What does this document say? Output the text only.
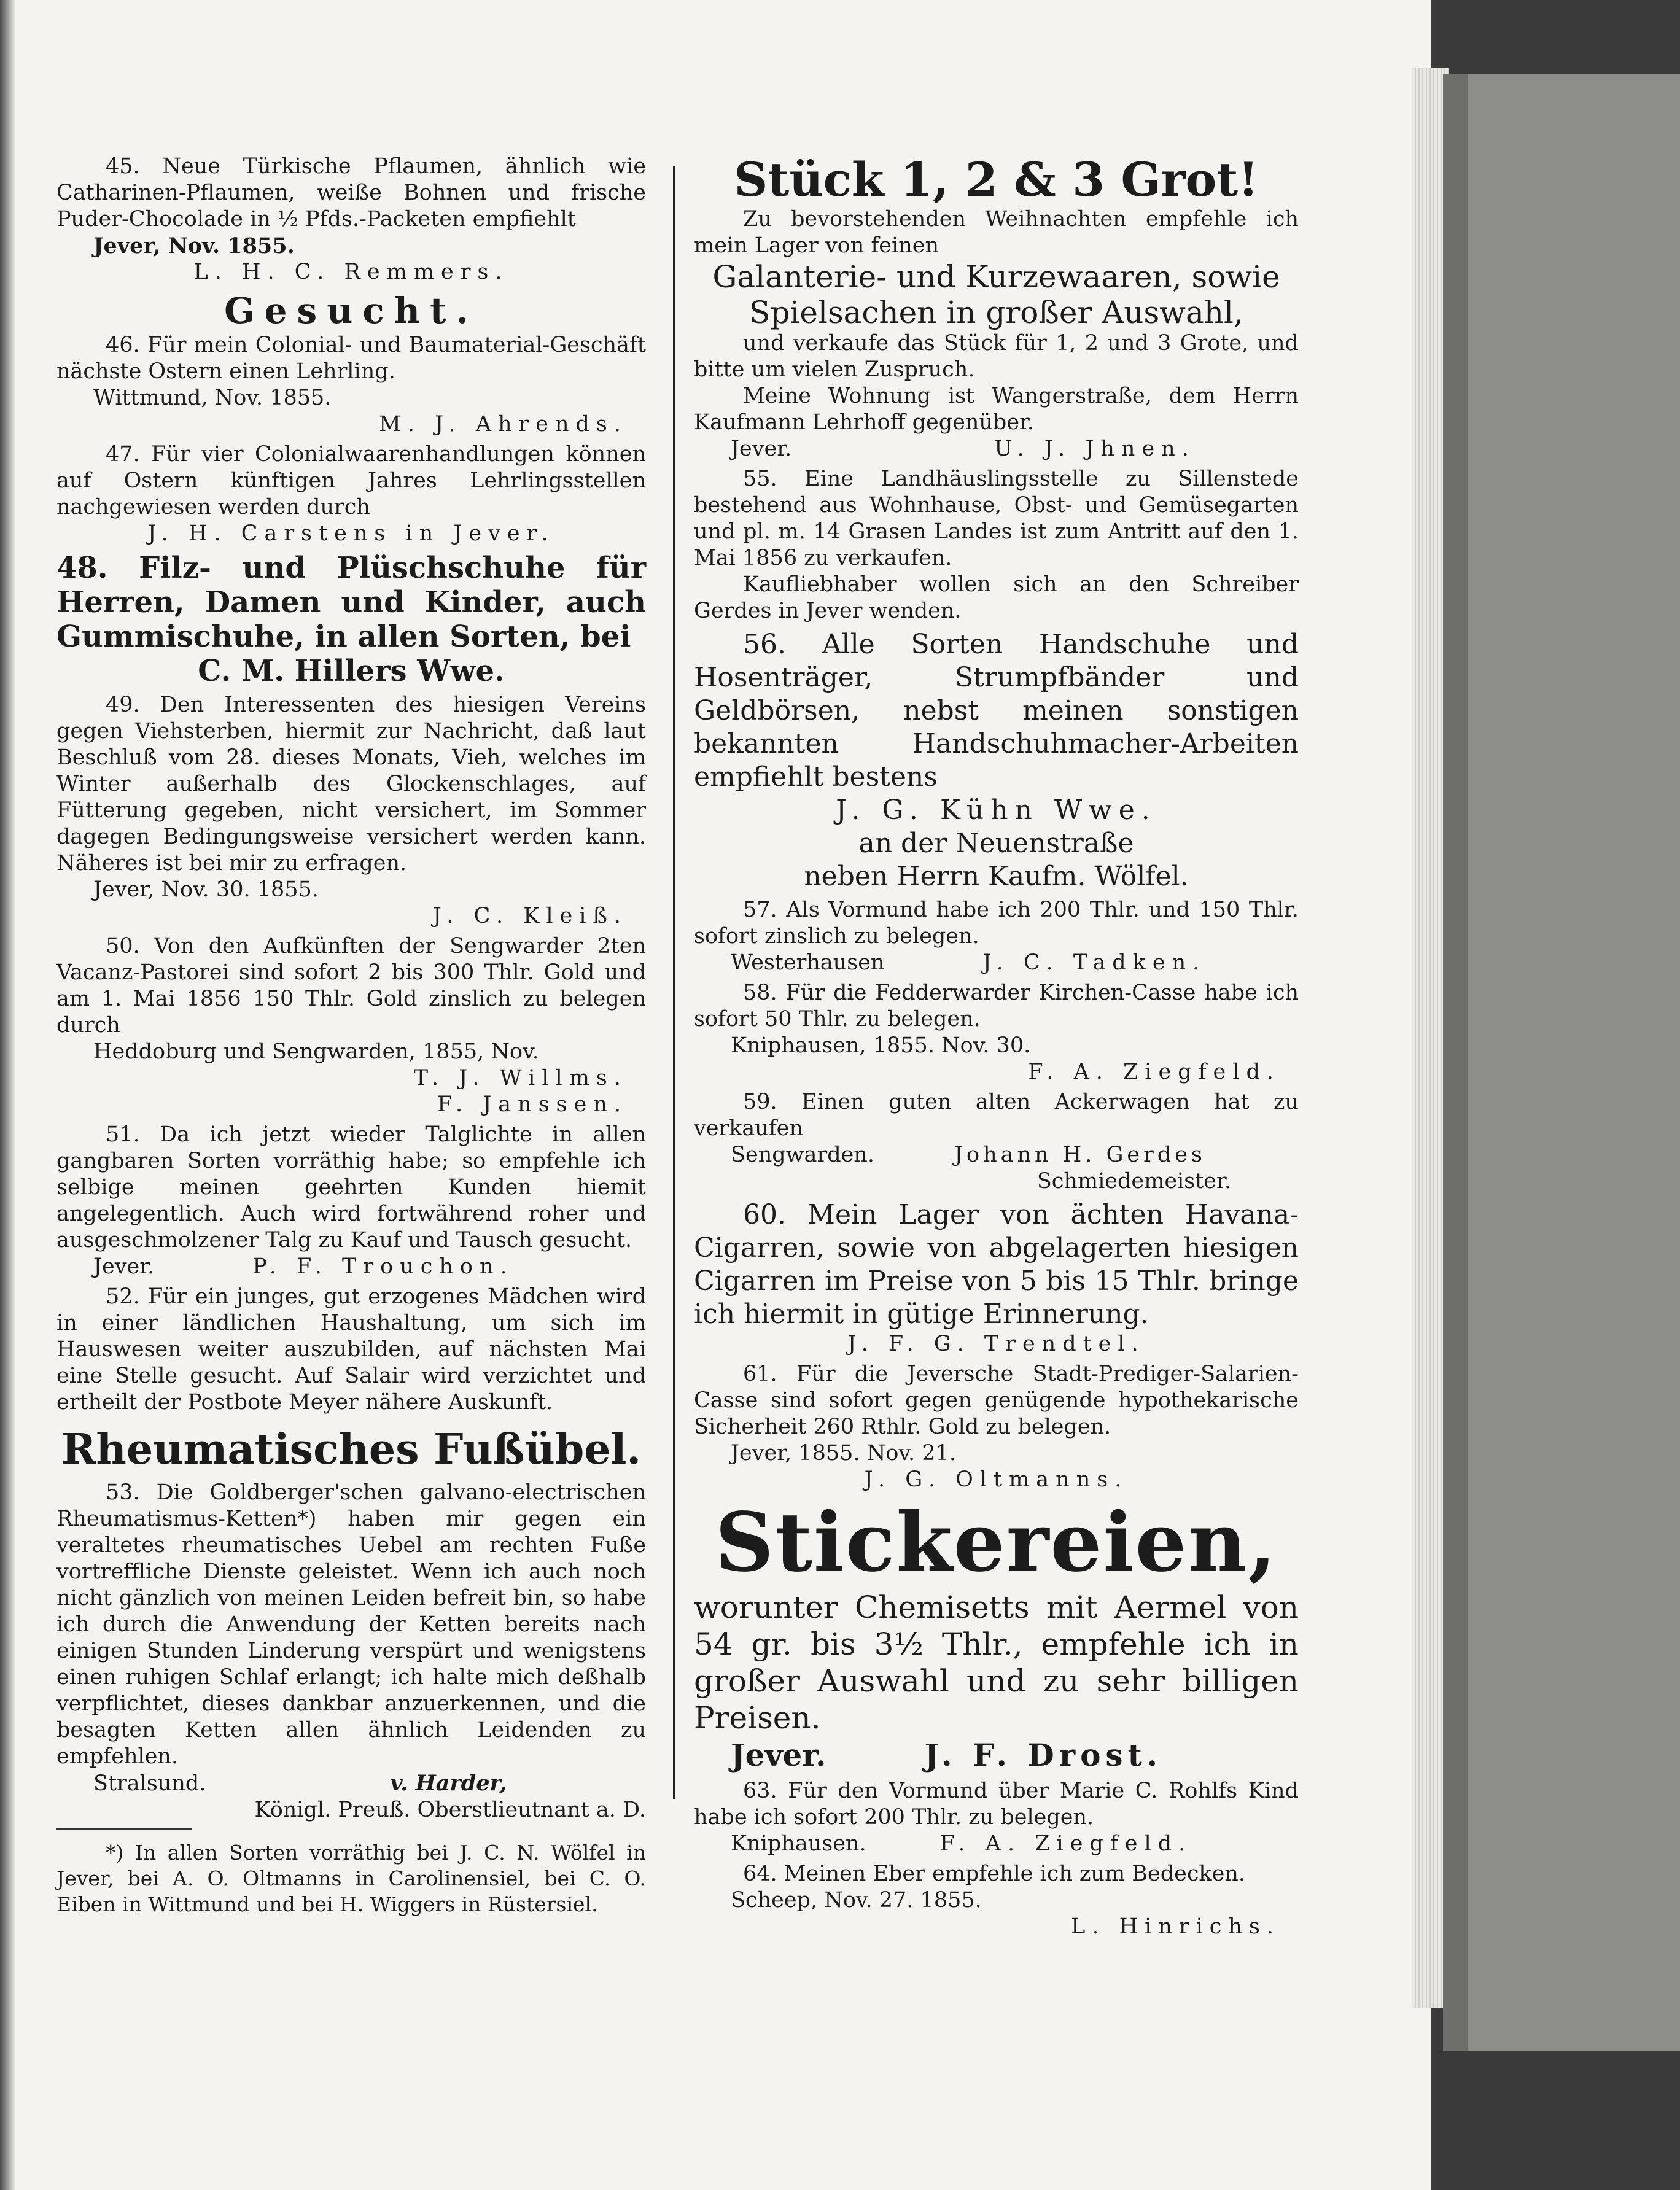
45. Neue Türkische Pflaumen, ähnlich wie Catharinen-Pflaumen, weiße Bohnen und frische Puder-Chocolade in ½ Pfds.-Packeten empfiehlt

Jever, Nov. 1855.

L. H. C. Remmers.

Gesucht.

46. Für mein Colonial- und Baumaterial-Geschäft nächste Ostern einen Lehrling.

Wittmund, Nov. 1855.

M. J. Ahrends.

47. Für vier Colonialwaarenhandlungen können auf Ostern künftigen Jahres Lehrlingsstellen nachgewiesen werden durch

J. H. Carstens in Jever.

48. Filz- und Plüschschuhe für Herren, Damen und Kinder, auch Gummischuhe, in allen Sorten, bei

C. M. Hillers Wwe.

49. Den Interessenten des hiesigen Vereins gegen Viehsterben, hiermit zur Nachricht, daß laut Beschluß vom 28. dieses Monats, Vieh, welches im Winter außerhalb des Glockenschlages, auf Fütterung gegeben, nicht versichert, im Sommer dagegen Bedingungsweise versichert werden kann. Näheres ist bei mir zu erfragen.

Jever, Nov. 30. 1855.

J. C. Kleiß.

50. Von den Aufkünften der Sengwarder 2ten Vacanz-Pastorei sind sofort 2 bis 300 Thlr. Gold und am 1. Mai 1856 150 Thlr. Gold zinslich zu belegen durch

Heddoburg und Sengwarden, 1855, Nov.

T. J. Willms.

F. Janssen.

51. Da ich jetzt wieder Talglichte in allen gangbaren Sorten vorräthig habe; so empfehle ich selbige meinen geehrten Kunden hiemit angelegentlich. Auch wird fortwährend roher und ausgeschmolzener Talg zu Kauf und Tausch gesucht.

Jever.	P. F. Trouchon.

52. Für ein junges, gut erzogenes Mädchen wird in einer ländlichen Haushaltung, um sich im Hauswesen weiter auszubilden, auf nächsten Mai eine Stelle gesucht. Auf Salair wird verzichtet und ertheilt der Postbote Meyer nähere Auskunft.

Rheumatisches Fußübel.

53. Die Goldberger'schen galvano-electrischen Rheumatismus-Ketten*) haben mir gegen ein veraltetes rheumatisches Uebel am rechten Fuße vortreffliche Dienste geleistet. Wenn ich auch noch nicht gänzlich von meinen Leiden befreit bin, so habe ich durch die Anwendung der Ketten bereits nach einigen Stunden Linderung verspürt und wenigstens einen ruhigen Schlaf erlangt; ich halte mich deßhalb verpflichtet, dieses dankbar anzuerkennen, und die besagten Ketten allen ähnlich Leidenden zu empfehlen.

Stralsund.	v. Harder,

Königl. Preuß. Oberstlieutnant a. D.

*) In allen Sorten vorräthig bei J. C. N. Wölfel in Jever, bei A. O. Oltmanns in Carolinensiel, bei C. O. Eiben in Wittmund und bei H. Wiggers in Rüstersiel.

Stück 1, 2 & 3 Grot!

Zu bevorstehenden Weihnachten empfehle ich mein Lager von feinen

Galanterie- und Kurzewaaren, sowie Spielsachen in großer Auswahl,

und verkaufe das Stück für 1, 2 und 3 Grote, und bitte um vielen Zuspruch.

Meine Wohnung ist Wangerstraße, dem Herrn Kaufmann Lehrhoff gegenüber.

Jever.	U. J. Jhnen.

55. Eine Landhäuslingsstelle zu Sillenstede bestehend aus Wohnhause, Obst- und Gemüsegarten und pl. m. 14 Grasen Landes ist zum Antritt auf den 1. Mai 1856 zu verkaufen.

Kaufliebhaber wollen sich an den Schreiber Gerdes in Jever wenden.

56. Alle Sorten Handschuhe und Hosenträger, Strumpfbänder und Geldbörsen, nebst meinen sonstigen bekannten Handschuhmacher-Arbeiten empfiehlt bestens

J. G. Kühn Wwe.

an der Neuenstraße

neben Herrn Kaufm. Wölfel.

57. Als Vormund habe ich 200 Thlr. und 150 Thlr. sofort zinslich zu belegen.

Westerhausen	J. C. Tadken.

58. Für die Fedderwarder Kirchen-Casse habe ich sofort 50 Thlr. zu belegen.

Kniphausen, 1855. Nov. 30.

F. A. Ziegfeld.

59. Einen guten alten Ackerwagen hat zu verkaufen

Sengwarden.	Johann H. Gerdes

Schmiedemeister.

60. Mein Lager von ächten Havana-Cigarren, sowie von abgelagerten hiesigen Cigarren im Preise von 5 bis 15 Thlr. bringe ich hiermit in gütige Erinnerung.

J. F. G. Trendtel.

61. Für die Jeversche Stadt-Prediger-Salarien-Casse sind sofort gegen genügende hypothekarische Sicherheit 260 Rthlr. Gold zu belegen.

Jever, 1855. Nov. 21.

J. G. Oltmanns.

Stickereien,

worunter Chemisetts mit Aermel von 54 gr. bis 3½ Thlr., empfehle ich in großer Auswahl und zu sehr billigen Preisen.

Jever.	J. F. Drost.

63. Für den Vormund über Marie C. Rohlfs Kind habe ich sofort 200 Thlr. zu belegen.

Kniphausen.	F. A. Ziegfeld.

64. Meinen Eber empfehle ich zum Bedecken.

Scheep, Nov. 27. 1855.

L. Hinrichs.
